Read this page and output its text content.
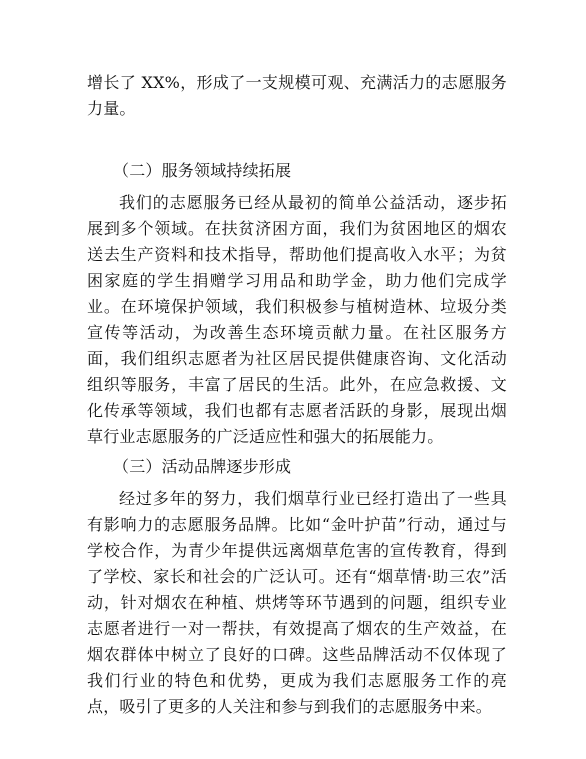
增长了 XX%，形成了一支规模可观、充满活力的志愿服务力量。

（二）服务领域持续拓展

我们的志愿服务已经从最初的简单公益活动，逐步拓展到多个领域。在扶贫济困方面，我们为贫困地区的烟农送去生产资料和技术指导，帮助他们提高收入水平；为贫困家庭的学生捐赠学习用品和助学金，助力他们完成学业。在环境保护领域，我们积极参与植树造林、垃圾分类宣传等活动，为改善生态环境贡献力量。在社区服务方面，我们组织志愿者为社区居民提供健康咨询、文化活动组织等服务，丰富了居民的生活。此外，在应急救援、文化传承等领域，我们也都有志愿者活跃的身影，展现出烟草行业志愿服务的广泛适应性和强大的拓展能力。

（三）活动品牌逐步形成

经过多年的努力，我们烟草行业已经打造出了一些具有影响力的志愿服务品牌。比如“金叶护苗”行动，通过与学校合作，为青少年提供远离烟草危害的宣传教育，得到了学校、家长和社会的广泛认可。还有“烟草情·助三农”活动，针对烟农在种植、烘烤等环节遇到的问题，组织专业志愿者进行一对一帮扶，有效提高了烟农的生产效益，在烟农群体中树立了良好的口碑。这些品牌活动不仅体现了我们行业的特色和优势，更成为我们志愿服务工作的亮点，吸引了更多的人关注和参与到我们的志愿服务中来。
